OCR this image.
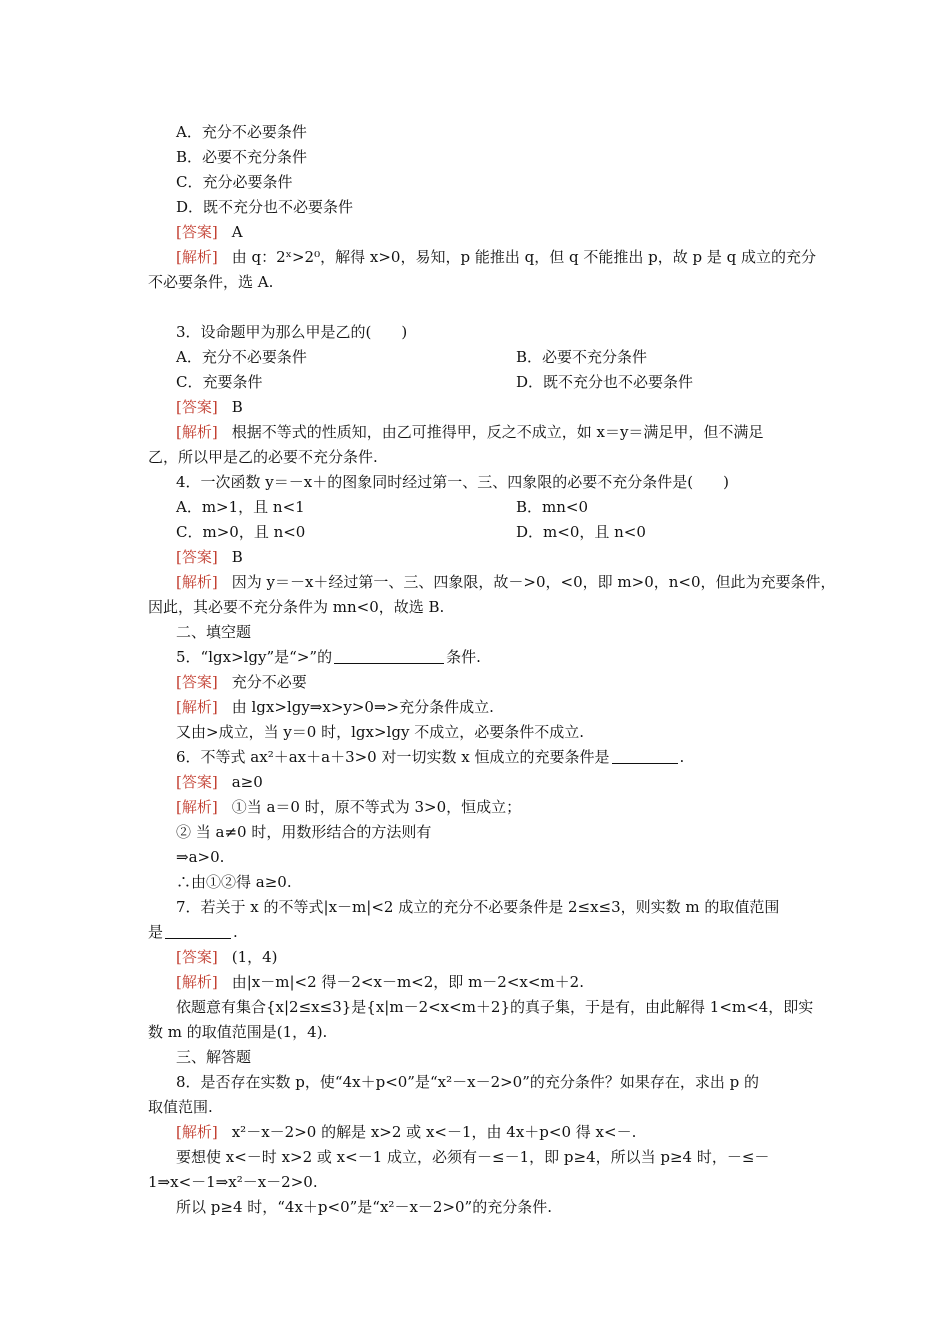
A．充分不必要条件
B．必要不充分条件
C．充分必要条件
D．既不充分也不必要条件
[答案] A
[解析] 由 q：2ˣ>2⁰，解得 x>0，易知，p 能推出 q，但 q 不能推出 p，故 p 是 q 成立的充分
不必要条件，选 A.
3．设命题甲为那么甲是乙的(　　)
A．充分不必要条件	B．必要不充分条件
C．充要条件	D．既不充分也不必要条件
[答案] B
[解析] 根据不等式的性质知，由乙可推得甲，反之不成立，如 x＝y＝满足甲，但不满足
乙，所以甲是乙的必要不充分条件.
4．一次函数 y＝－x＋的图象同时经过第一、三、四象限的必要不充分条件是(　　)
A．m>1，且 n<1	B．mn<0
C．m>0，且 n<0	D．m<0，且 n<0
[答案] B
[解析] 因为 y＝－x＋经过第一、三、四象限，故－>0，<0，即 m>0，n<0，但此为充要条件，
因此，其必要不充分条件为 mn<0，故选 B.
二、填空题
5．“lgx>lgy”是“>”的	条件.
[答案] 充分不必要
[解析] 由 lgx>lgy⇒x>y>0⇒>充分条件成立.
又由>成立，当 y＝0 时，lgx>lgy 不成立，必要条件不成立.
6．不等式 ax²＋ax＋a＋3>0 对一切实数 x 恒成立的充要条件是	.
[答案] a≥0
[解析] ①当 a＝0 时，原不等式为 3>0，恒成立；
② 当 a≠0 时，用数形结合的方法则有
⇒a>0.
∴由①②得 a≥0.
7．若关于 x 的不等式|x－m|<2 成立的充分不必要条件是 2≤x≤3，则实数 m 的取值范围
是	.
[答案] (1，4)
[解析] 由|x－m|<2 得－2<x－m<2，即 m－2<x<m＋2.
依题意有集合{x|2≤x≤3}是{x|m－2<x<m＋2}的真子集，于是有，由此解得 1<m<4，即实
数 m 的取值范围是(1，4).
三、解答题
8．是否存在实数 p，使“4x＋p<0”是“x²－x－2>0”的充分条件？如果存在，求出 p 的
取值范围.
[解析] x²－x－2>0 的解是 x>2 或 x<－1，由 4x＋p<0 得 x<－.
要想使 x<－时 x>2 或 x<－1 成立，必须有－≤－1，即 p≥4，所以当 p≥4 时，－≤－
1⇒x<－1⇒x²－x－2>0.
所以 p≥4 时，“4x＋p<0”是“x²－x－2>0”的充分条件.
